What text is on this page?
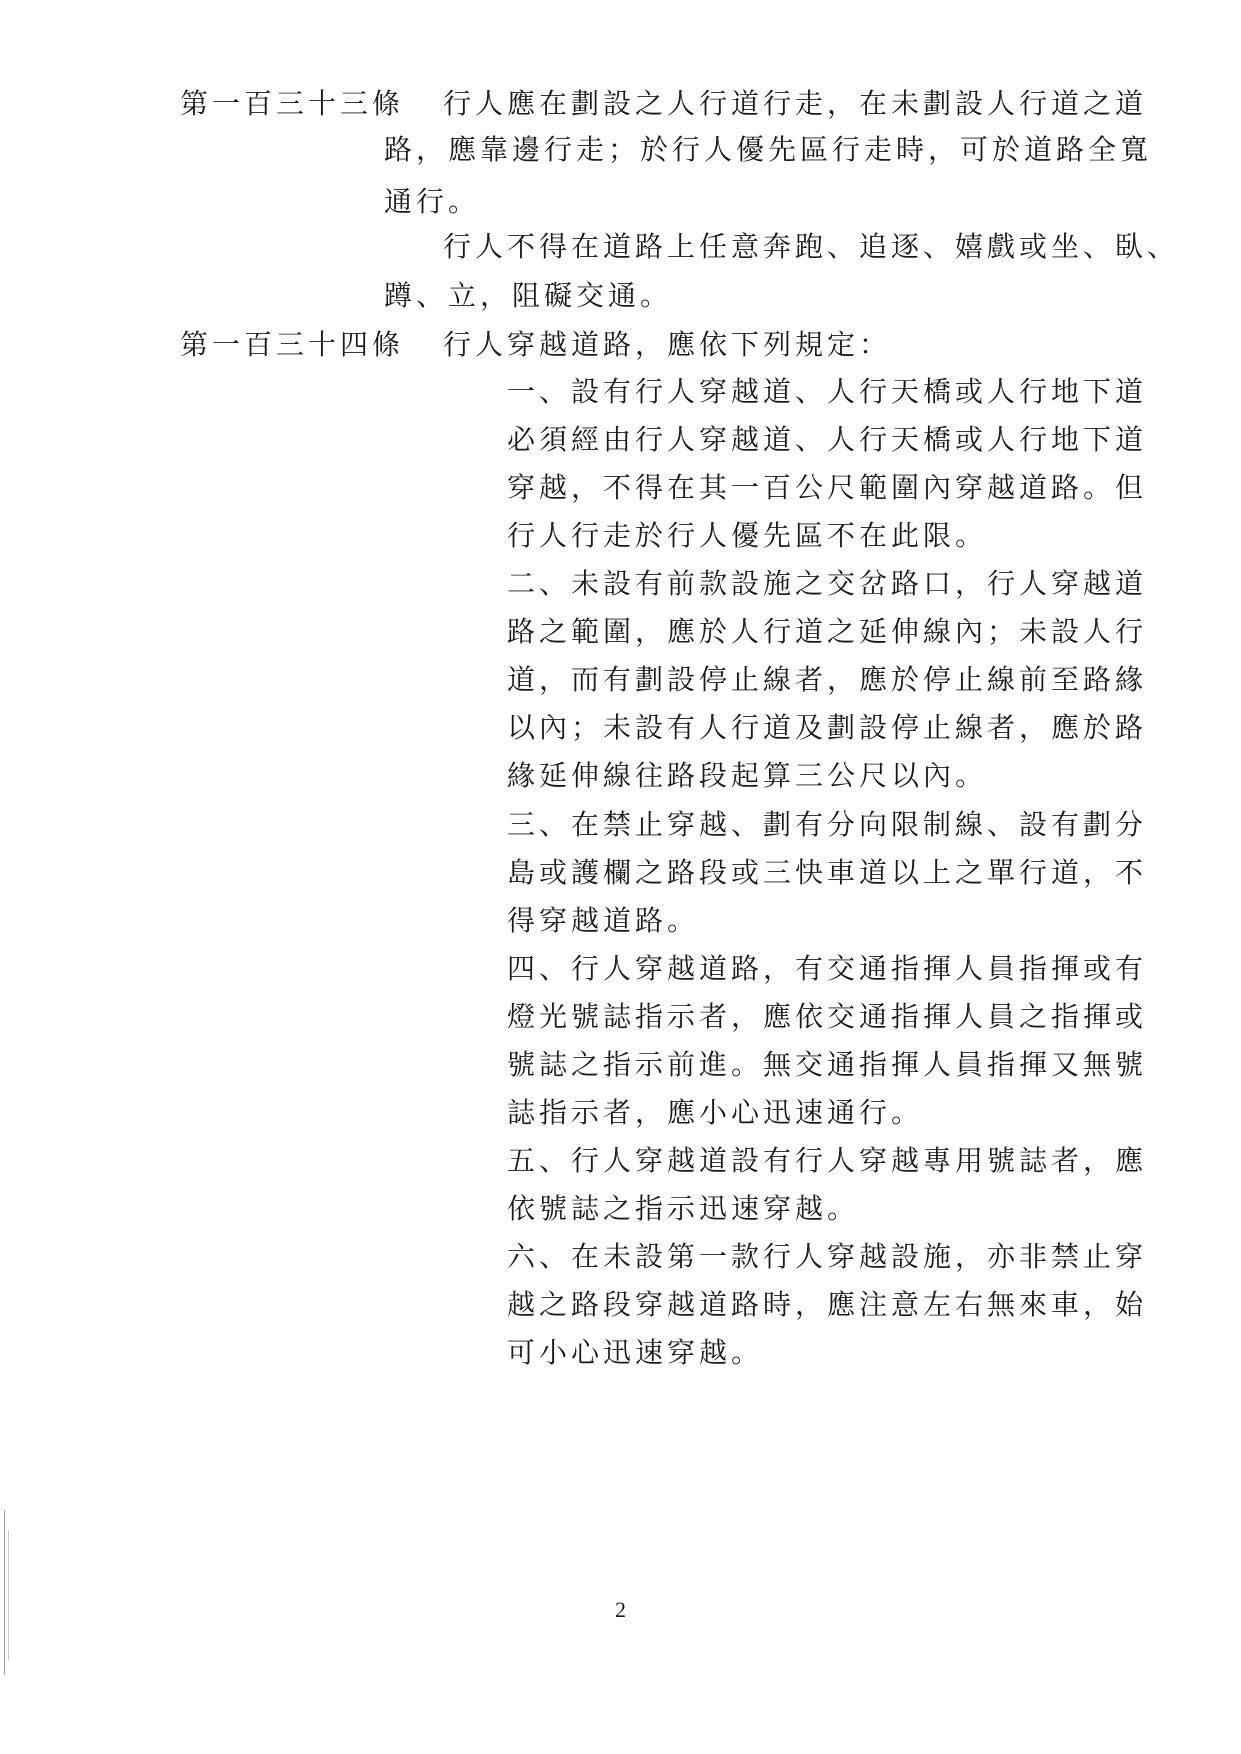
第一百三十三條 行人應在劃設之人行道行走，在未劃設人行道之道
路，應靠邊行走；於行人優先區行走時，可於道路全寬
通行。
行人不得在道路上任意奔跑、追逐、嬉戲或坐、臥、
蹲、立，阻礙交通。
第一百三十四條 行人穿越道路，應依下列規定：
一、設有行人穿越道、人行天橋或人行地下道
必須經由行人穿越道、人行天橋或人行地下道
穿越，不得在其一百公尺範圍內穿越道路。但
行人行走於行人優先區不在此限。
二、未設有前款設施之交岔路口，行人穿越道
路之範圍，應於人行道之延伸線內；未設人行
道，而有劃設停止線者，應於停止線前至路緣
以內；未設有人行道及劃設停止線者，應於路
緣延伸線往路段起算三公尺以內。
三、在禁止穿越、劃有分向限制線、設有劃分
島或護欄之路段或三快車道以上之單行道，不
得穿越道路。
四、行人穿越道路，有交通指揮人員指揮或有
燈光號誌指示者，應依交通指揮人員之指揮或
號誌之指示前進。無交通指揮人員指揮又無號
誌指示者，應小心迅速通行。
五、行人穿越道設有行人穿越專用號誌者，應
依號誌之指示迅速穿越。
六、在未設第一款行人穿越設施，亦非禁止穿
越之路段穿越道路時，應注意左右無來車，始
可小心迅速穿越。
2
